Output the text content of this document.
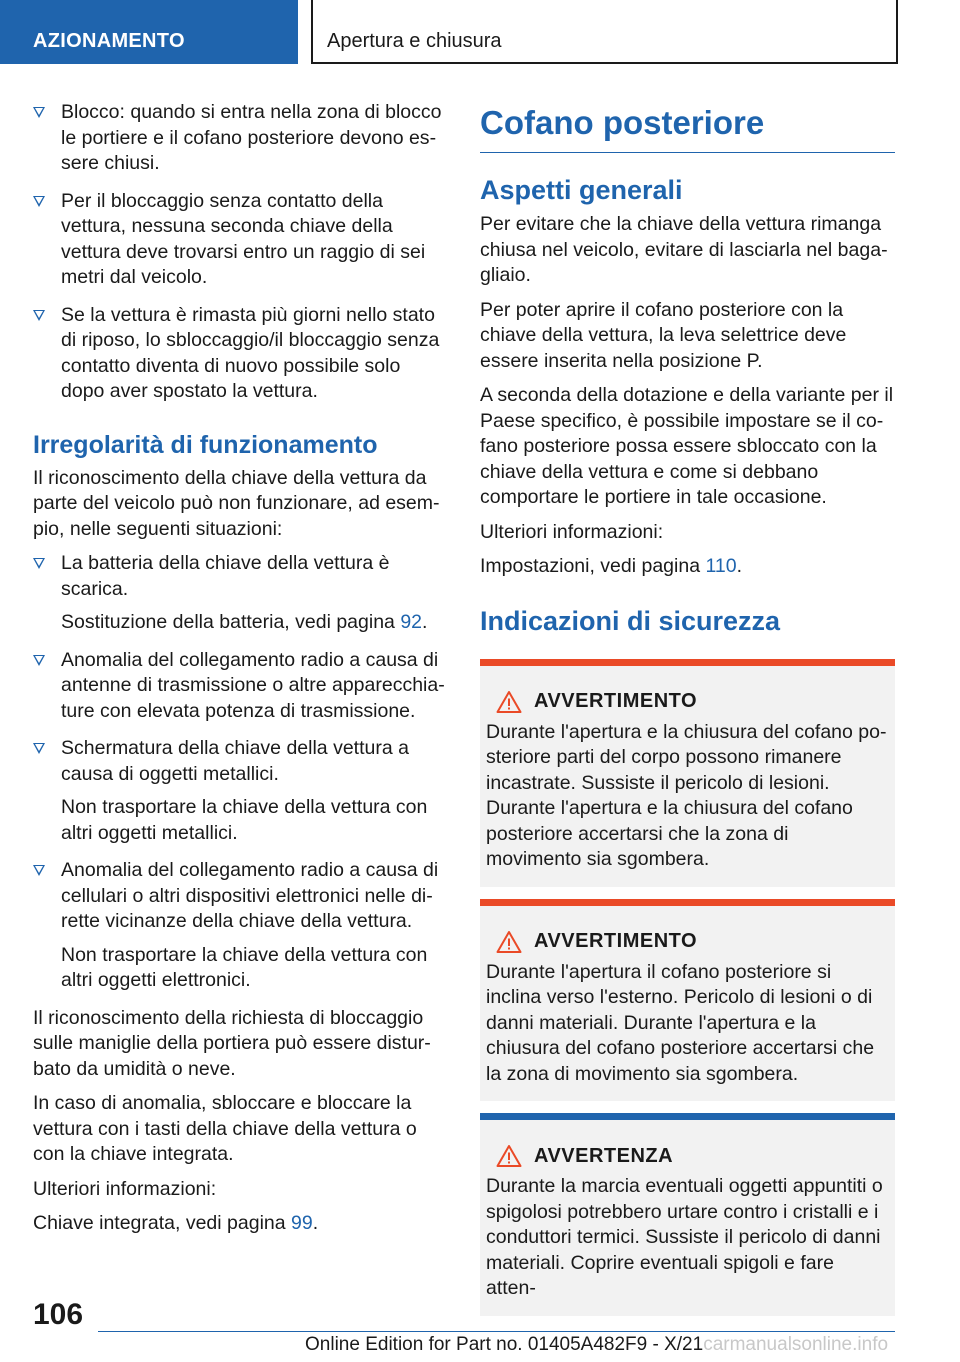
AZIONAMENTO	Apertura e chiusura

Blocco: quando si entra nella zona di blocco le portiere e il cofano posteriore devono essere chiusi.

Per il bloccaggio senza contatto della vettura, nessuna seconda chiave della vettura deve trovarsi entro un raggio di sei metri dal veicolo.

Se la vettura è rimasta più giorni nello stato di riposo, lo sbloccaggio/il bloccaggio senza contatto diventa di nuovo possibile solo dopo aver spostato la vettura.

Irregolarità di funzionamento

Il riconoscimento della chiave della vettura da parte del veicolo può non funzionare, ad esempio, nelle seguenti situazioni:

La batteria della chiave della vettura è scarica.

Sostituzione della batteria, vedi pagina 92.

Anomalia del collegamento radio a causa di antenne di trasmissione o altre apparecchiature con elevata potenza di trasmissione.

Schermatura della chiave della vettura a causa di oggetti metallici.

Non trasportare la chiave della vettura con altri oggetti metallici.

Anomalia del collegamento radio a causa di cellulari o altri dispositivi elettronici nelle dirette vicinanze della chiave della vettura.

Non trasportare la chiave della vettura con altri oggetti elettronici.

Il riconoscimento della richiesta di bloccaggio sulle maniglie della portiera può essere disturbato da umidità o neve.

In caso di anomalia, sbloccare e bloccare la vettura con i tasti della chiave della vettura o con la chiave integrata.

Ulteriori informazioni:

Chiave integrata, vedi pagina 99.

Cofano posteriore
Aspetti generali

Per evitare che la chiave della vettura rimanga chiusa nel veicolo, evitare di lasciarla nel bagagliaio.

Per poter aprire il cofano posteriore con la chiave della vettura, la leva selettrice deve essere inserita nella posizione P.

A seconda della dotazione e della variante per il Paese specifico, è possibile impostare se il cofano posteriore possa essere sbloccato con la chiave della vettura e come si debbano comportare le portiere in tale occasione.

Ulteriori informazioni:

Impostazioni, vedi pagina 110.

Indicazioni di sicurezza
AVVERTIMENTO

Durante l'apertura e la chiusura del cofano posteriore parti del corpo possono rimanere incastrate. Sussiste il pericolo di lesioni. Durante l'apertura e la chiusura del cofano posteriore accertarsi che la zona di movimento sia sgombera.

AVVERTIMENTO

Durante l'apertura il cofano posteriore si inclina verso l'esterno. Pericolo di lesioni o di danni materiali. Durante l'apertura e la chiusura del cofano posteriore accertarsi che la zona di movimento sia sgombera.

AVVERTENZA

Durante la marcia eventuali oggetti appuntiti o spigolosi potrebbero urtare contro i cristalli e i conduttori termici. Sussiste il pericolo di danni materiali. Coprire eventuali spigoli e fare atten-

106
Online Edition for Part no. 01405A482F9 - X/21carmanualsonline.info
